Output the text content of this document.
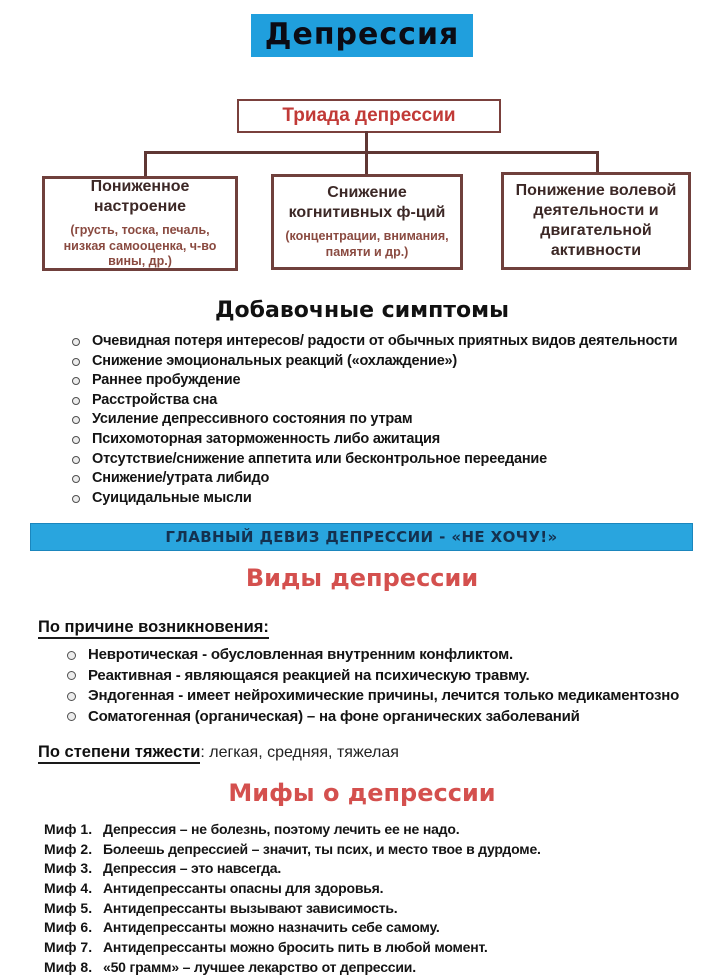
Депрессия
Триада депрессии
Пониженное настроение
(грусть, тоска, печаль, низкая самооценка, ч-во вины, др.)
Снижение когнитивных ф-ций
(концентрации, внимания, памяти и др.)
Понижение волевой деятельности и двигательной активности
Добавочные симптомы
Очевидная потеря интересов/ радости от обычных приятных видов деятельности
Снижение эмоциональных реакций («охлаждение»)
Раннее пробуждение
Расстройства сна
Усиление депрессивного состояния по утрам
Психомоторная заторможенность либо ажитация
Отсутствие/снижение аппетита или бесконтрольное переедание
Снижение/утрата либидо
Суицидальные мысли
ГЛАВНЫЙ ДЕВИЗ ДЕПРЕССИИ - «НЕ ХОЧУ!»
Виды депрессии
По причине возникновения:
Невротическая - обусловленная внутренним конфликтом.
Реактивная - являющаяся реакцией на психическую травму.
Эндогенная - имеет нейрохимические причины, лечится только медикаментозно
Соматогенная (органическая) – на фоне органических заболеваний
По степени тяжести: легкая, средняя, тяжелая
Мифы о депрессии
Миф 1. Депрессия – не болезнь, поэтому лечить ее не надо.
Миф 2. Болеешь депрессией – значит, ты псих, и место твое в дурдоме.
Миф 3. Депрессия – это навсегда.
Миф 4. Антидепрессанты опасны для здоровья.
Миф 5. Антидепрессанты вызывают зависимость.
Миф 6. Антидепрессанты можно назначить себе самому.
Миф 7. Антидепрессанты можно бросить пить в любой момент.
Миф 8. «50 грамм» – лучшее лекарство от депрессии.
